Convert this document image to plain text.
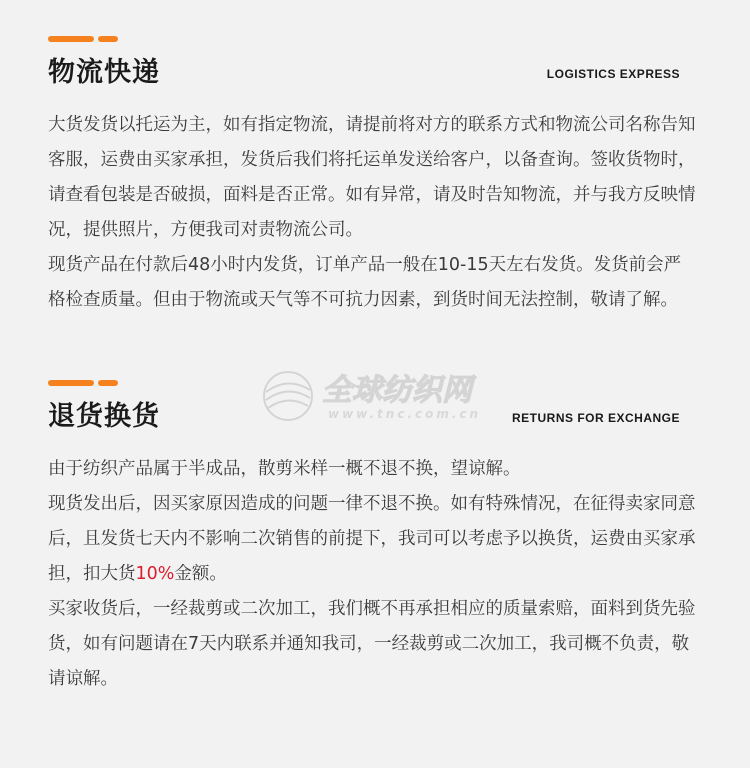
物流快递	LOGISTICS EXPRESS

大货发货以托运为主，如有指定物流，请提前将对方的联系方式和物流公司名称告知客服，运费由买家承担，发货后我们将托运单发送给客户，以备查询。签收货物时，请查看包装是否破损，面料是否正常。如有异常，请及时告知物流，并与我方反映情况，提供照片，方便我司对责物流公司。

现货产品在付款后48小时内发货，订单产品一般在10-15天左右发货。发货前会严格检查质量。但由于物流或天气等不可抗力因素，到货时间无法控制，敬请了解。

全球纺织网
www.tnc.com.cn
退货换货	RETURNS FOR EXCHANGE

由于纺织产品属于半成品，散剪米样一概不退不换，望谅解。

现货发出后，因买家原因造成的问题一律不退不换。如有特殊情况，在征得卖家同意后，且发货七天内不影响二次销售的前提下，我司可以考虑予以换货，运费由买家承担，扣大货10%金额。

买家收货后，一经裁剪或二次加工，我们概不再承担相应的质量索赔，面料到货先验货，如有问题请在7天内联系并通知我司，一经裁剪或二次加工，我司概不负责，敬请谅解。
